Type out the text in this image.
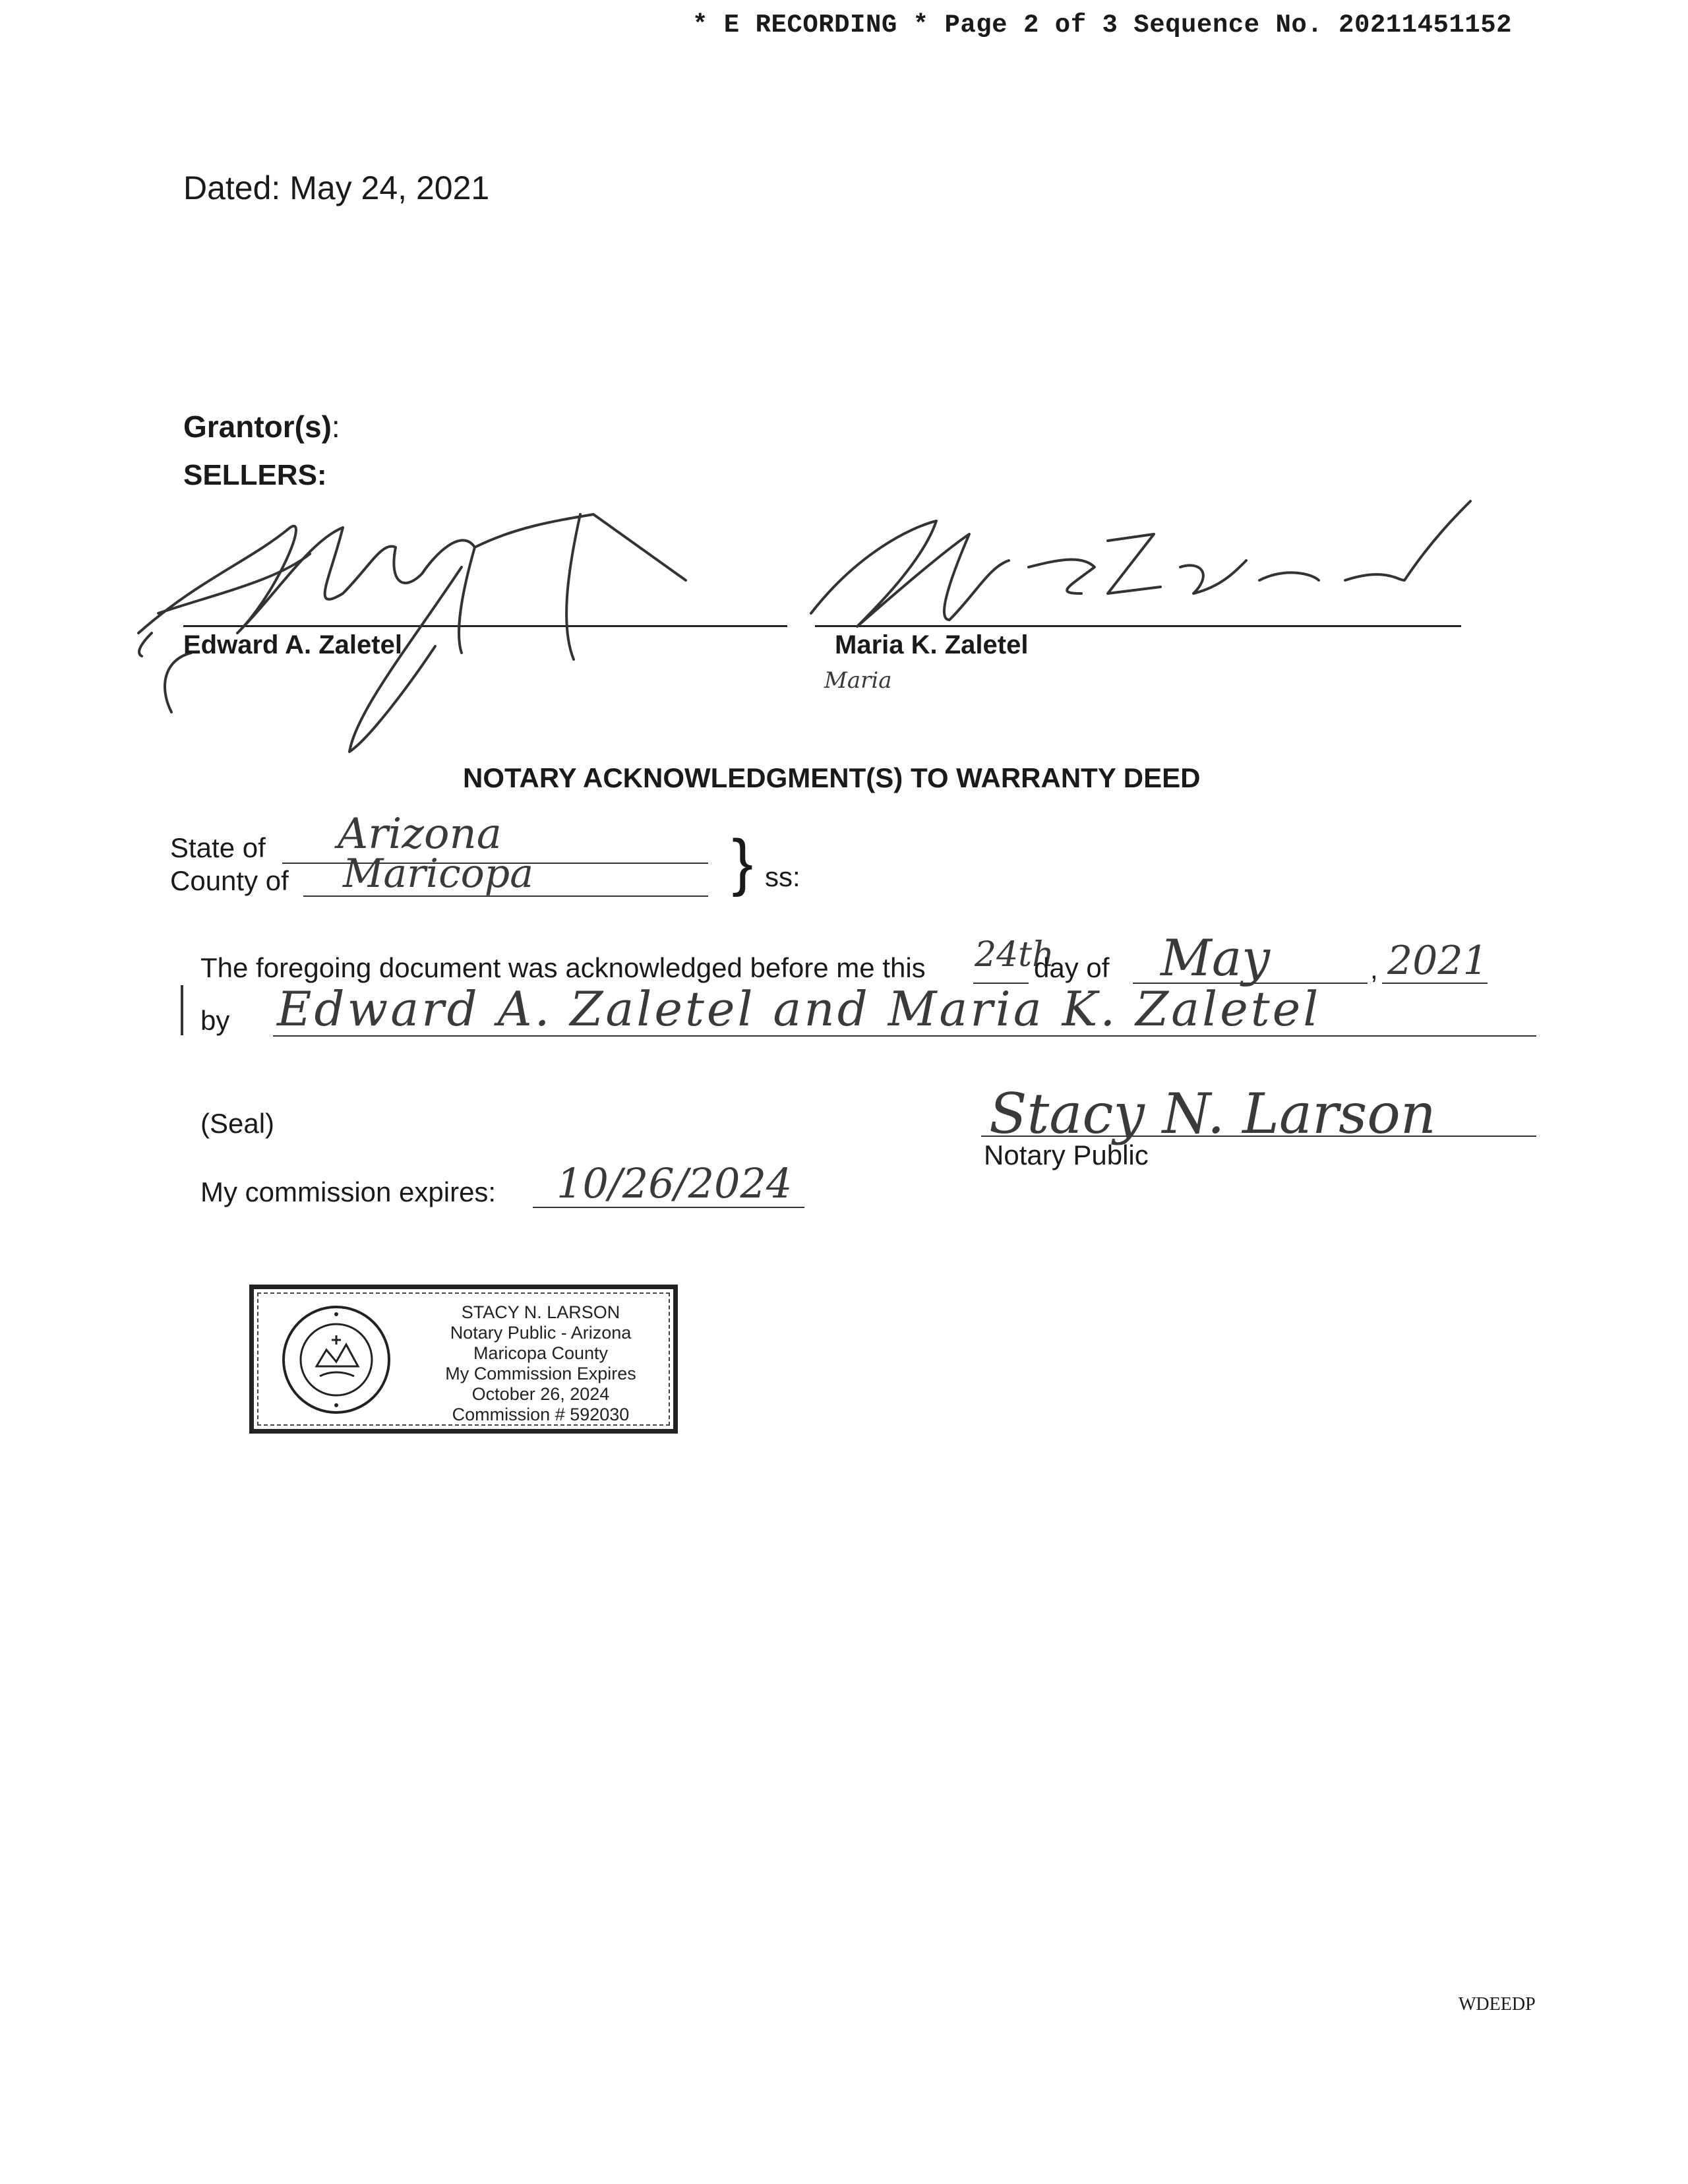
* E RECORDING * Page 2 of 3 Sequence No. 20211451152
Dated: May 24, 2021
Grantor(s):
SELLERS:
Edward A. Zaletel	Maria K. Zaletel
Maria
NOTARY ACKNOWLEDGMENT(S) TO WARRANTY DEED
State of Arizona
County of Maricopa	} ss:
The foregoing document was acknowledged before me this 24th
day of May	, 2021
by Edward A. Zaletel and Maria K. Zaletel
(Seal)	Stacy N. Larson
Notary Public
My commission expires: 10/26/2024
STACY N. LARSON
Notary Public - Arizona
Maricopa County
My Commission Expires
October 26, 2024
Commission # 592030
WDEEDP
